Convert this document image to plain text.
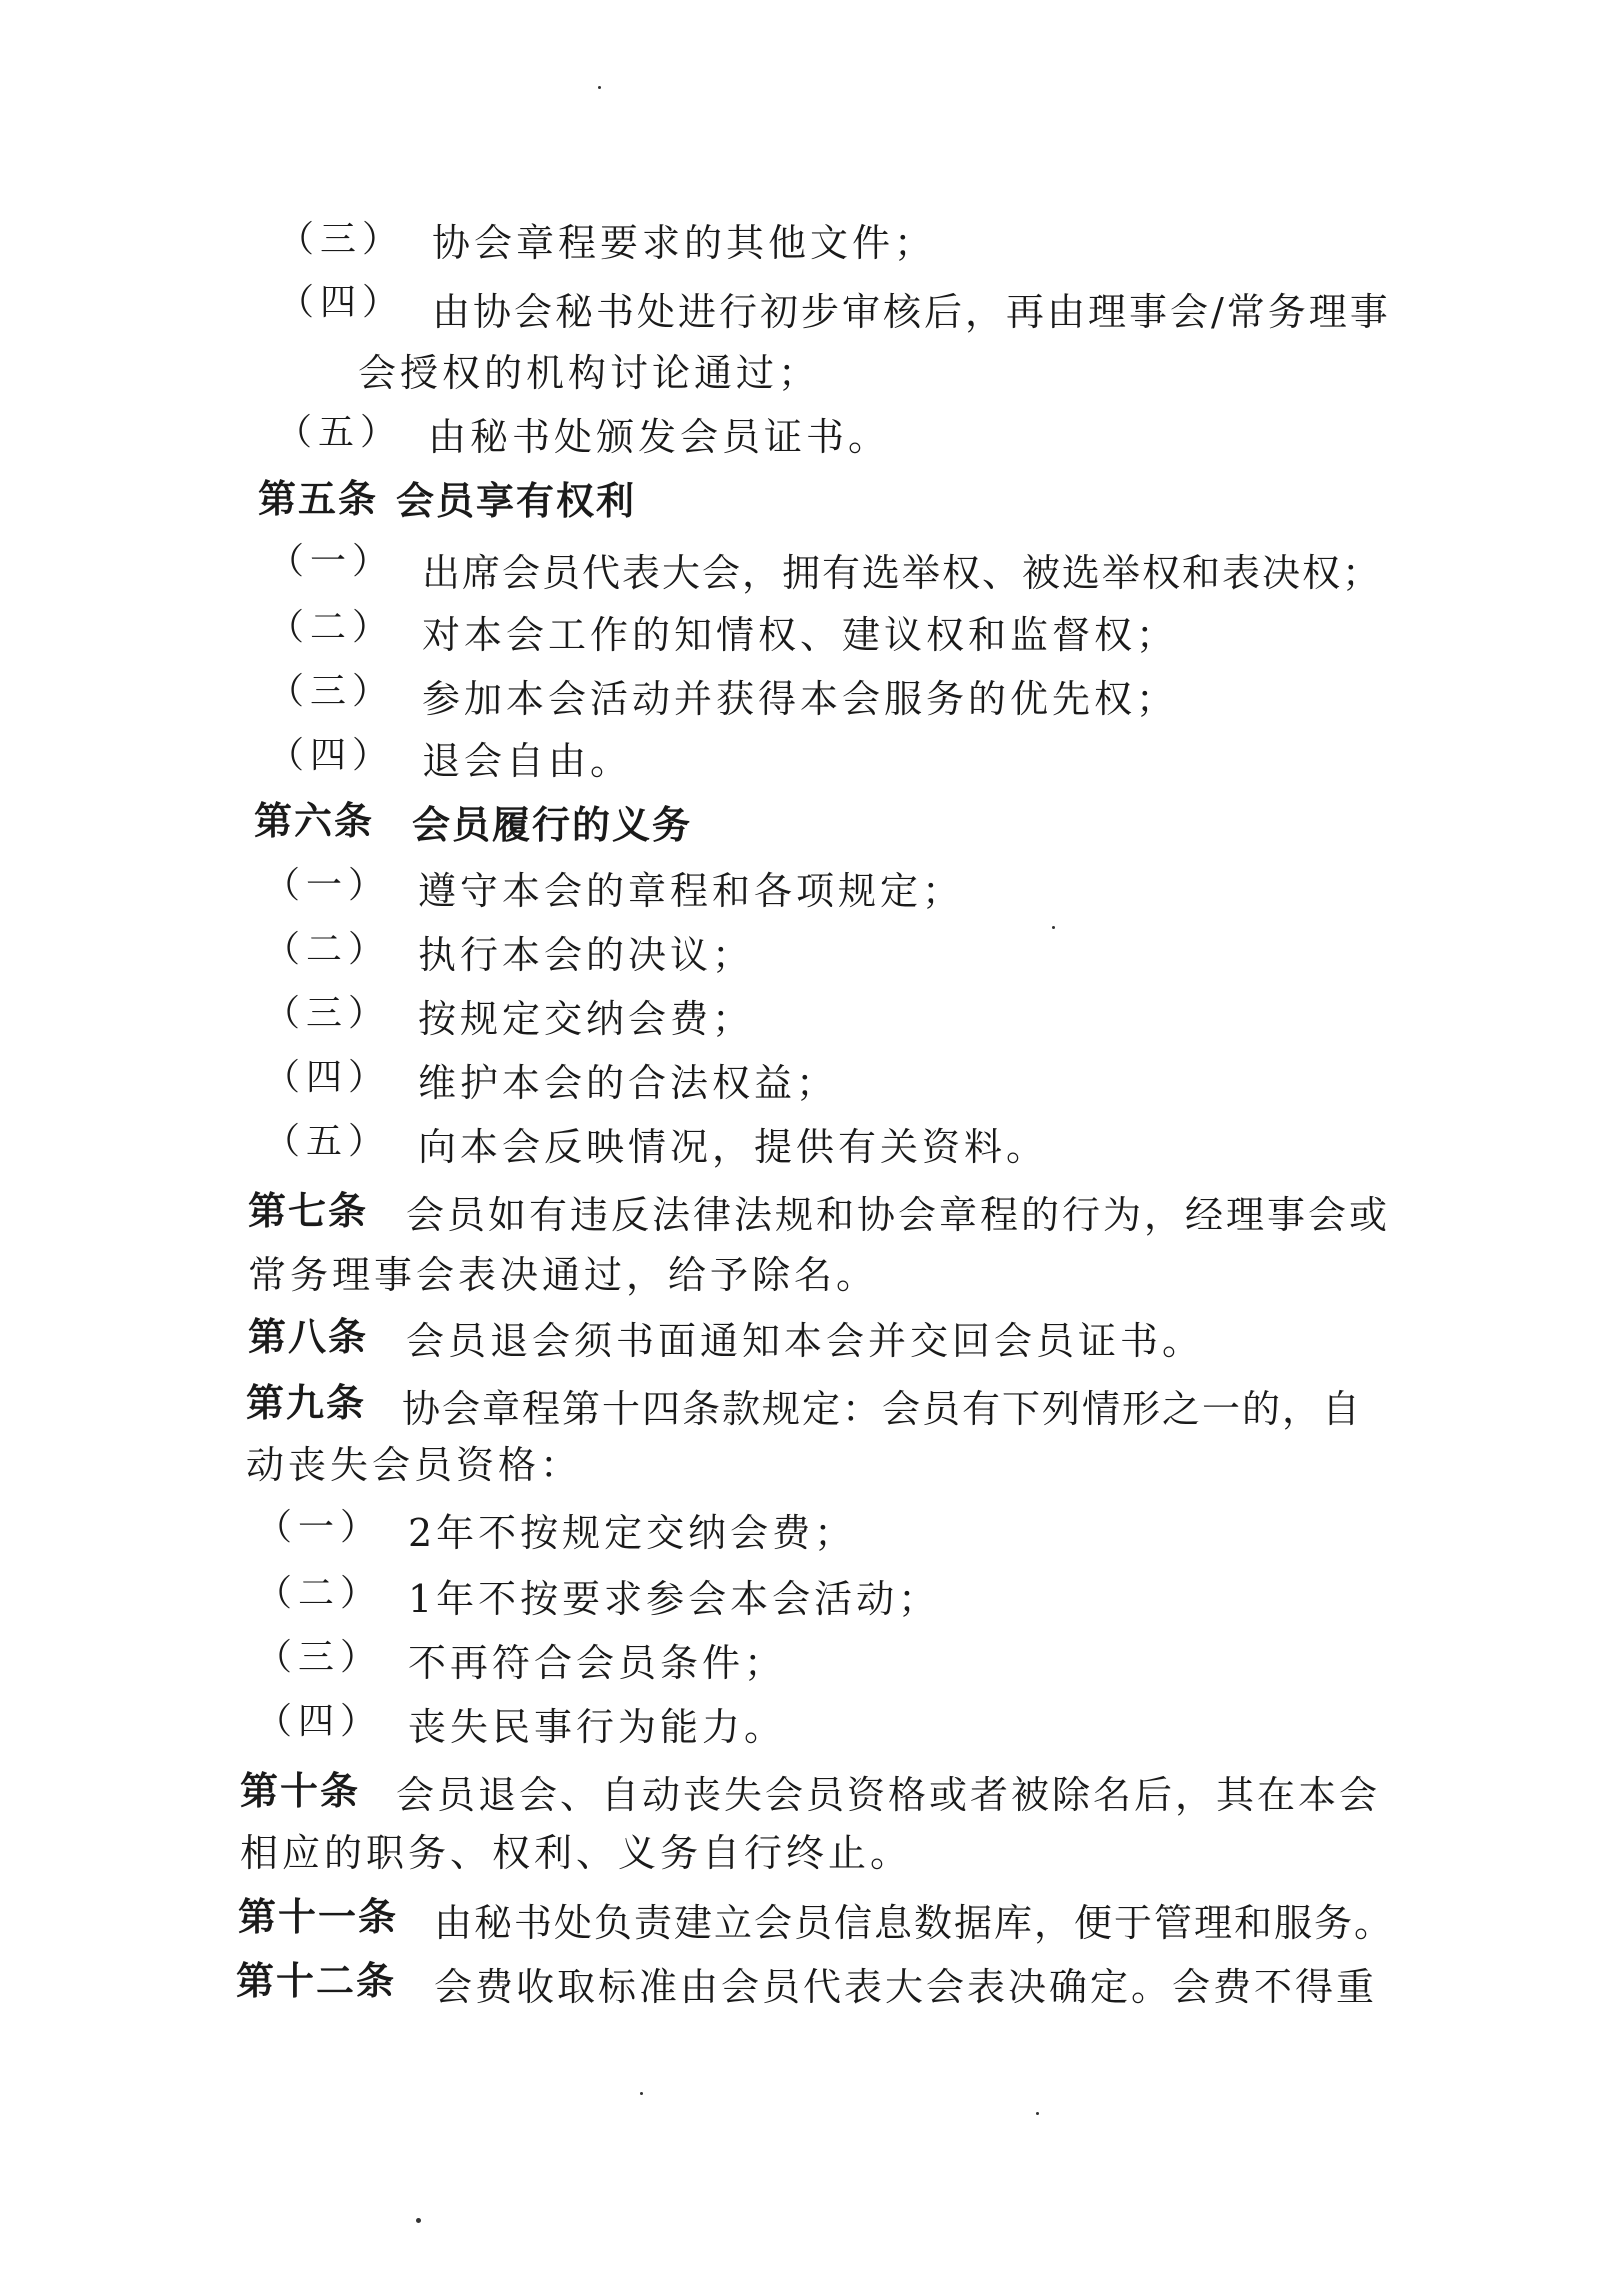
（三） 协会章程要求的其他文件；
（四） 由协会秘书处进行初步审核后，再由理事会/常务理事
会授权的机构讨论通过；
（五） 由秘书处颁发会员证书。
第五条 会员享有权利
（一） 出席会员代表大会，拥有选举权、被选举权和表决权；
（二） 对本会工作的知情权、建议权和监督权；
（三） 参加本会活动并获得本会服务的优先权；
（四） 退会自由。
第六条 会员履行的义务
（一） 遵守本会的章程和各项规定；
（二） 执行本会的决议；
（三） 按规定交纳会费；
（四） 维护本会的合法权益；
（五） 向本会反映情况，提供有关资料。
第七条 会员如有违反法律法规和协会章程的行为，经理事会或
常务理事会表决通过，给予除名。
第八条 会员退会须书面通知本会并交回会员证书。
第九条 协会章程第十四条款规定：会员有下列情形之一的，自
动丧失会员资格：
（一） 2年不按规定交纳会费；
（二） 1年不按要求参会本会活动；
（三） 不再符合会员条件；
（四） 丧失民事行为能力。
第十条 会员退会、自动丧失会员资格或者被除名后，其在本会
相应的职务、权利、义务自行终止。
第十一条 由秘书处负责建立会员信息数据库，便于管理和服务。
第十二条 会费收取标准由会员代表大会表决确定。会费不得重
